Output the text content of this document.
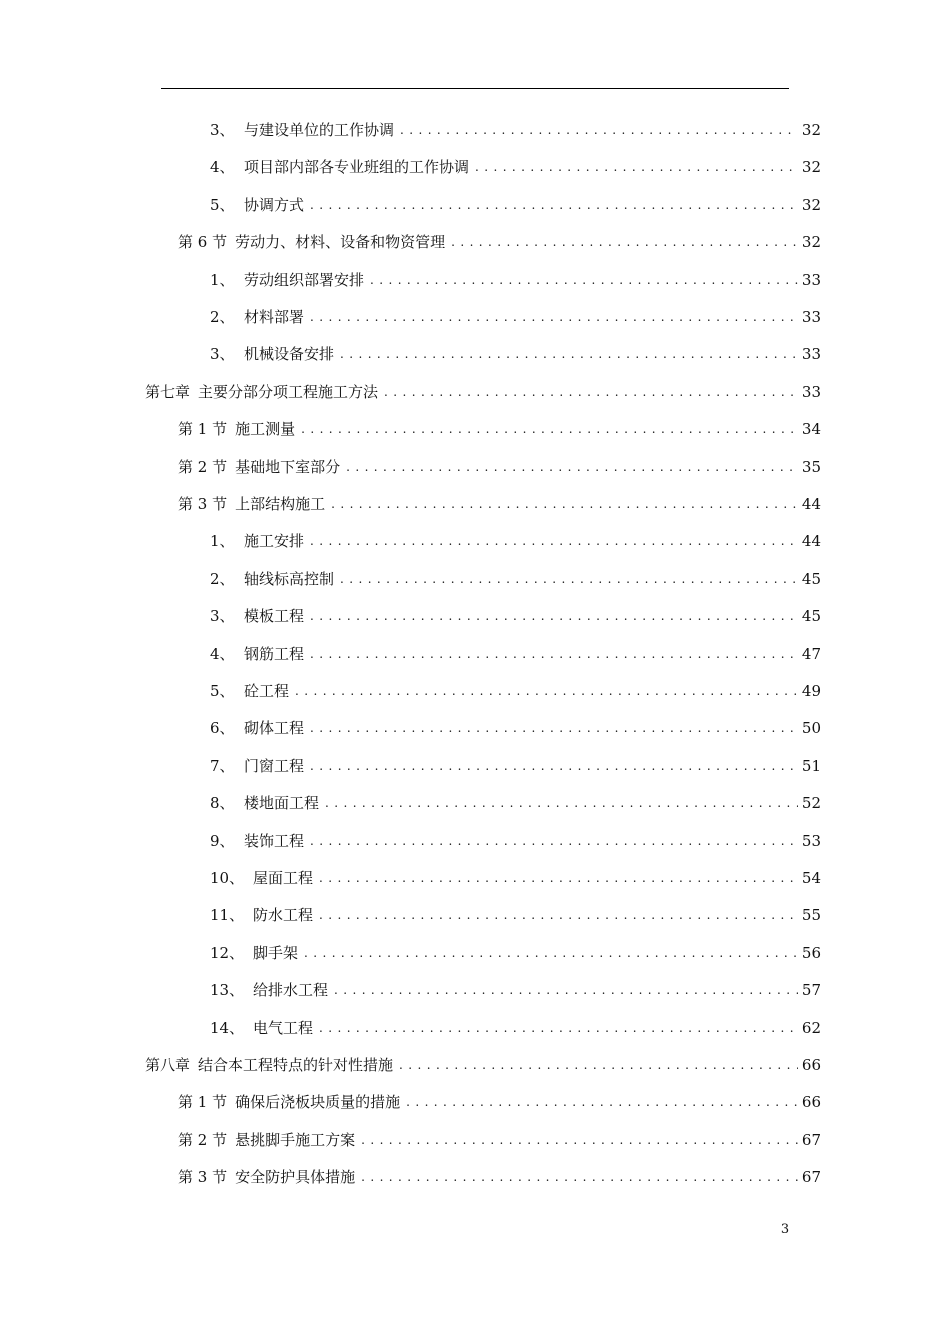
3、 与建设单位的工作协调 . . .	32
4、 项目部内部各专业班组的工作协调 . . .	32
5、 协调方式 . . .	32
第 6 节 劳动力、材料、设备和物资管理 . . .	32
1、 劳动组织部署安排 . . .	33
2、 材料部署 . . .	33
3、 机械设备安排 . . .	33
第七章 主要分部分项工程施工方法 . . .	33
第 1 节 施工测量 . . .	34
第 2 节 基础地下室部分 . . .	35
第 3 节 上部结构施工 . . .	44
1、 施工安排 . . .	44
2、 轴线标高控制 . . .	45
3、 模板工程 . . .	45
4、 钢筋工程 . . .	47
5、 砼工程 . . .	49
6、 砌体工程 . . .	50
7、 门窗工程 . . .	51
8、 楼地面工程 . . .	52
9、 装饰工程 . . .	53
10、 屋面工程 . . .	54
11、 防水工程 . . .	55
12、 脚手架 . . .	56
13、 给排水工程 . . .	57
14、 电气工程 . . .	62
第八章 结合本工程特点的针对性措施 . . .	66
第 1 节 确保后浇板块质量的措施 . . .	66
第 2 节 悬挑脚手施工方案 . . .	67
第 3 节 安全防护具体措施 . . .	67
3
